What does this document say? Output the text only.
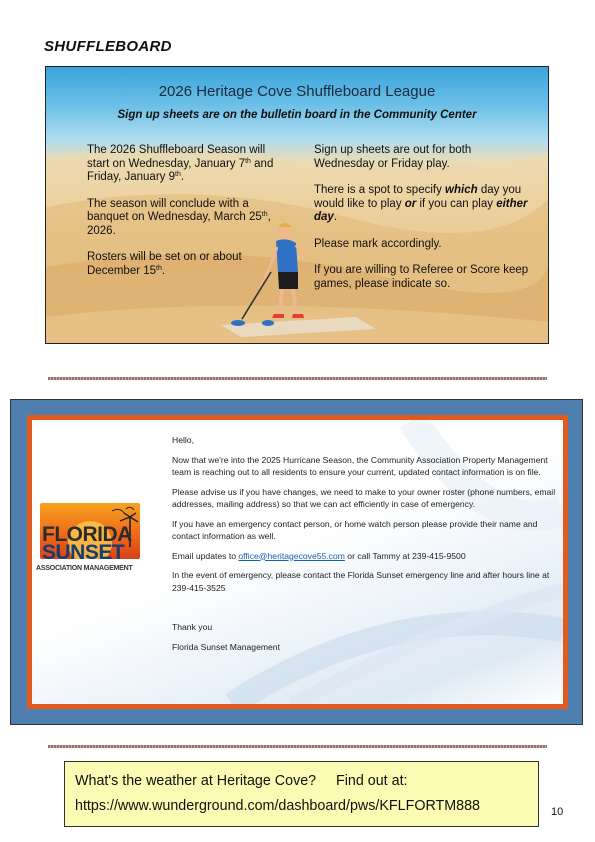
SHUFFLEBOARD
2026 Heritage Cove Shuffleboard League
Sign up sheets are on the bulletin board in the Community Center

The 2026 Shuffleboard Season will start on Wednesday, January 7th and Friday, January 9th.

The season will conclude with a banquet on Wednesday, March 25th, 2026.

Rosters will be set on or about December 15th.

Sign up sheets are out for both Wednesday or Friday play.

There is a spot to specify which day you would like to play or if you can play either day.

Please mark accordingly.

If you are willing to Referee or Score keep games, please indicate so.

FLORIDA
SUNSET
ASSOCIATION MANAGEMENT

Hello,

Now that we're into the 2025 Hurricane Season, the Community Association Property Management team is reaching out to all residents to ensure your current, updated contact information is on file.

Please advise us if you have changes, we need to make to your owner roster (phone numbers, email addresses, mailing address) so that we can act efficiently in case of emergency.

If you have an emergency contact person, or home watch person please provide their name and contact information as well.

Email updates to office@heritagecove55.com or call Tammy at 239-415-9500

In the event of emergency, please contact the Florida Sunset emergency line and after hours line at 239-415-3525

Thank you

Florida Sunset Management

What's the weather at Heritage Cove?     Find out at:
https://www.wunderground.com/dashboard/pws/KFLFORTM888	10
